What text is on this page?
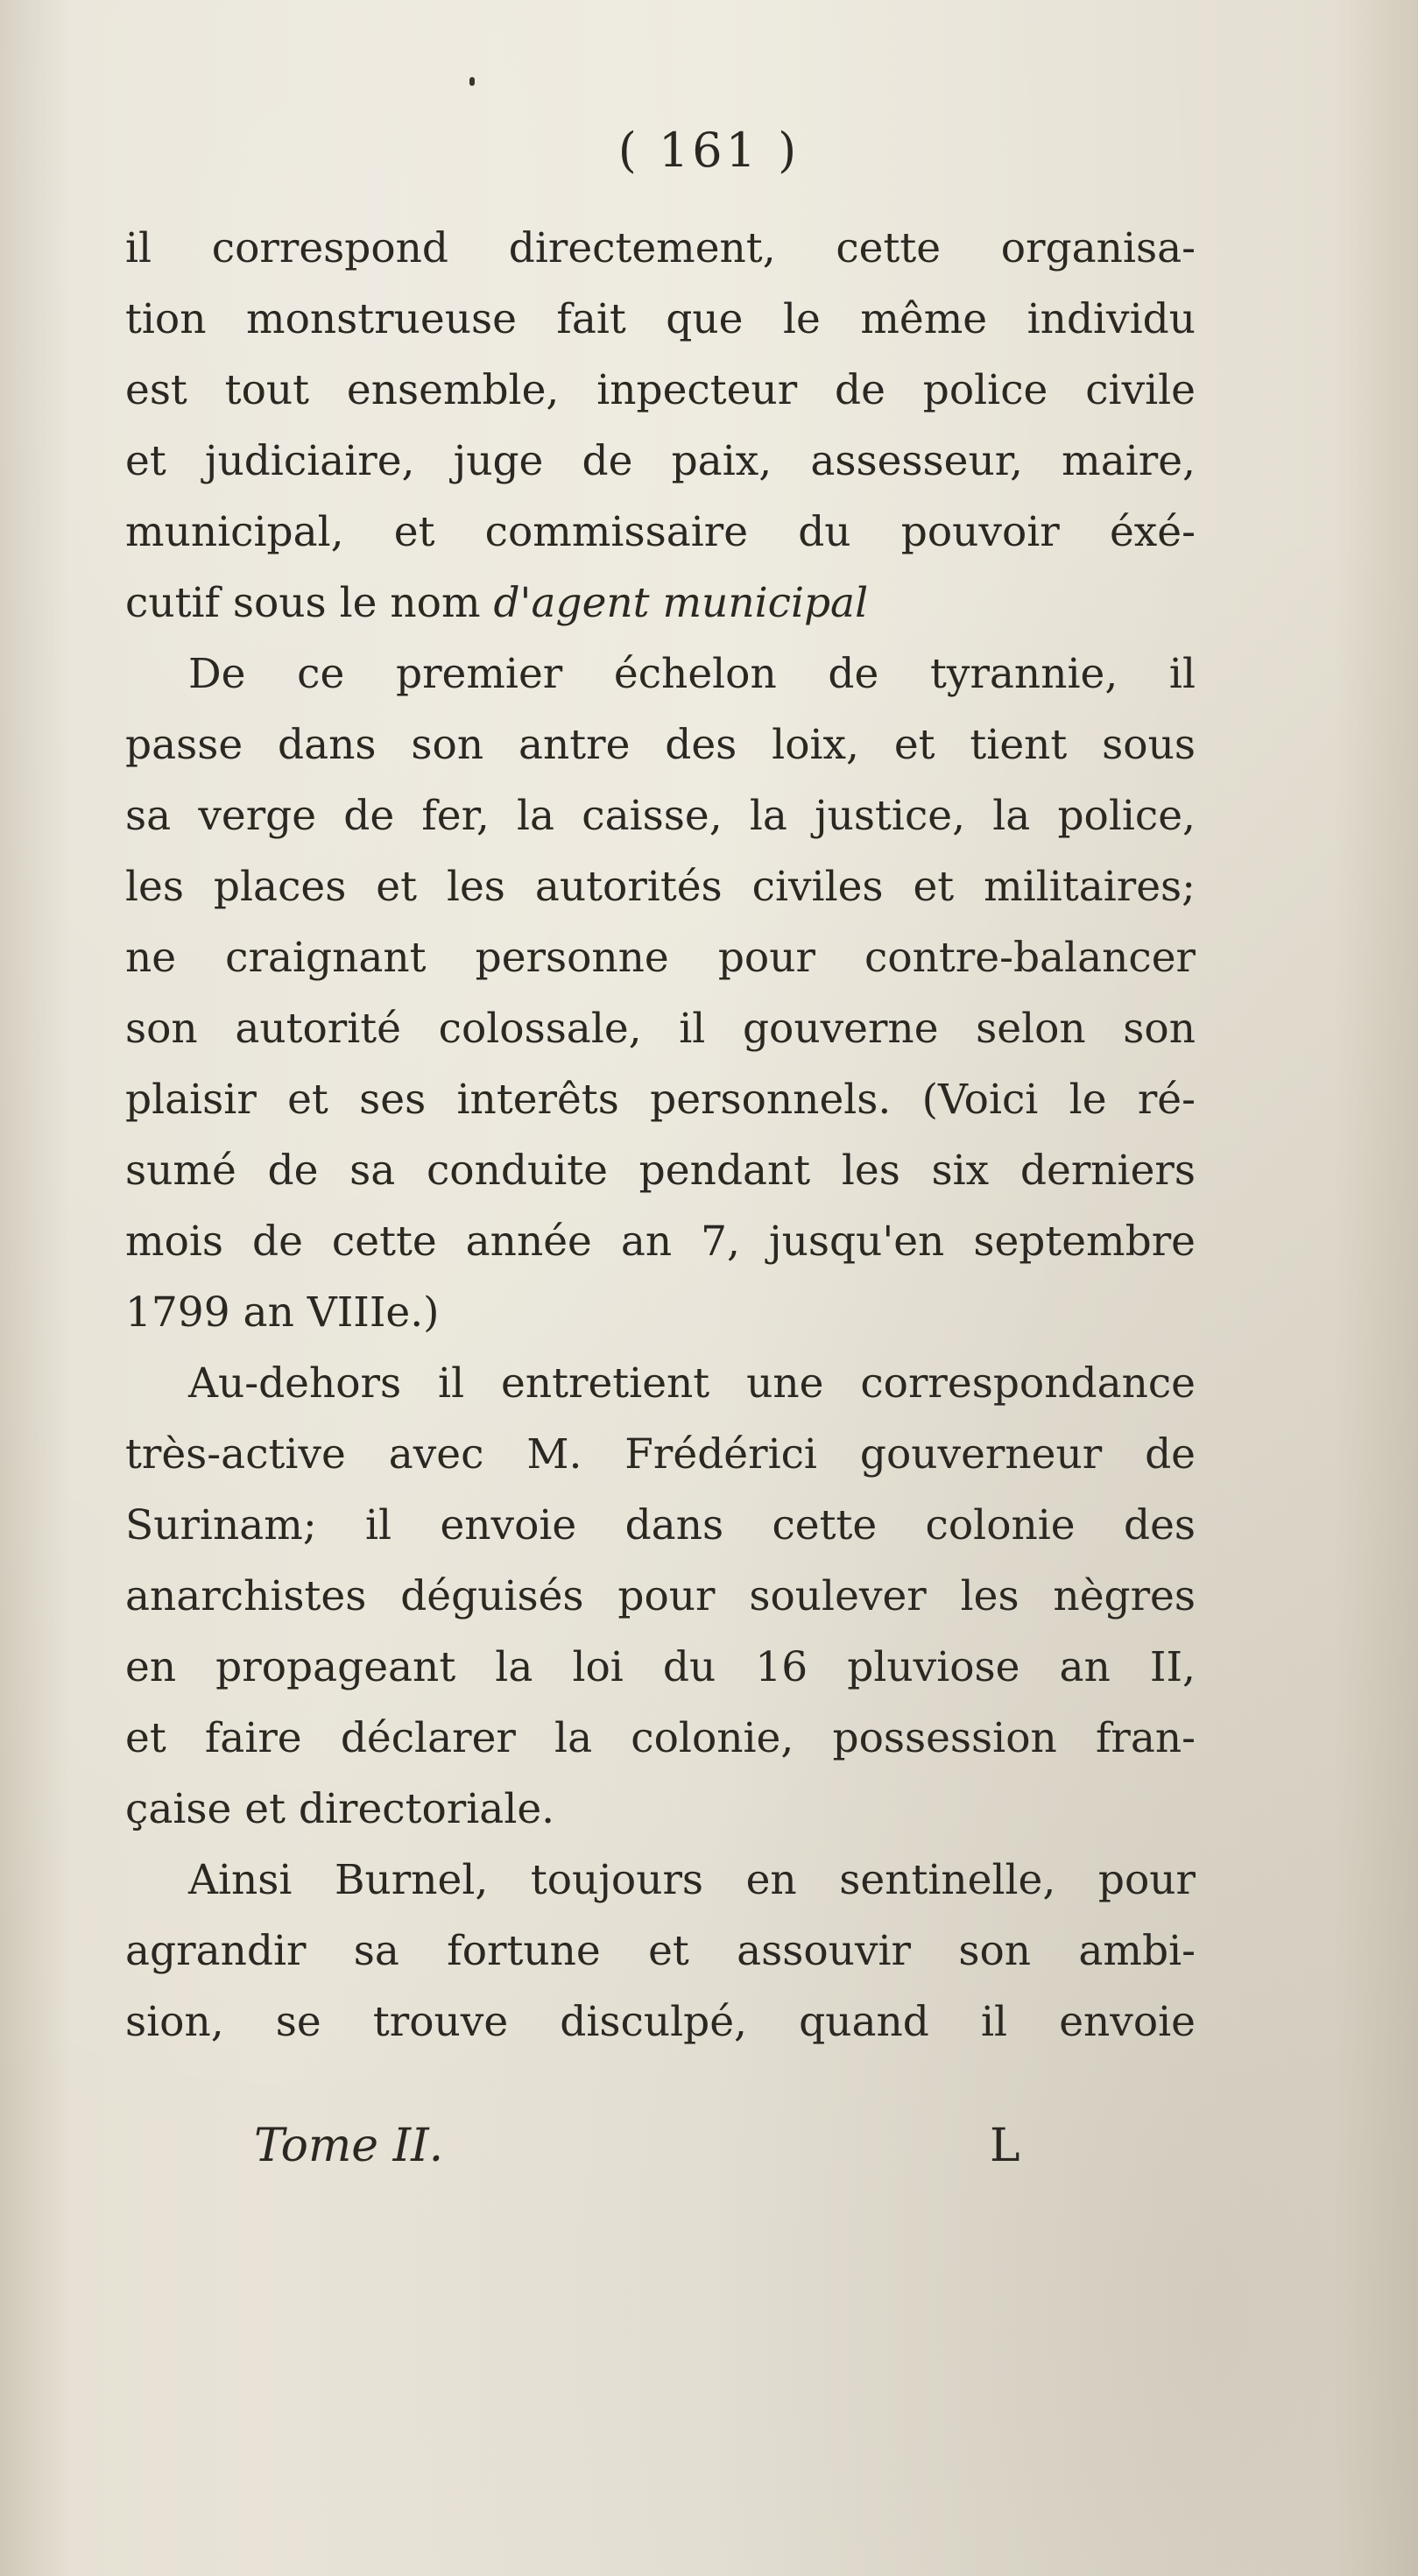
( 161 )
il correspond directement, cette organisa-
tion monstrueuse fait que le même individu
est tout ensemble, inpecteur de police civile
et judiciaire, juge de paix, assesseur, maire,
municipal, et commissaire du pouvoir éxé-
cutif sous le nom d'agent municipal
De ce premier échelon de tyrannie, il
passe dans son antre des loix, et tient sous
sa verge de fer, la caisse, la justice, la police,
les places et les autorités civiles et militaires;
ne craignant personne pour contre-balancer
son autorité colossale, il gouverne selon son
plaisir et ses interêts personnels. (Voici le ré-
sumé de sa conduite pendant les six derniers
mois de cette année an 7, jusqu'en septembre
1799 an VIIIe.)
Au-dehors il entretient une correspondance
très-active avec M. Frédérici gouverneur de
Surinam; il envoie dans cette colonie des
anarchistes déguisés pour soulever les nègres
en propageant la loi du 16 pluviose an II,
et faire déclarer la colonie, possession fran-
çaise et directoriale.
Ainsi Burnel, toujours en sentinelle, pour
agrandir sa fortune et assouvir son ambi-
sion, se trouve disculpé, quand il envoie
Tome II.	L
